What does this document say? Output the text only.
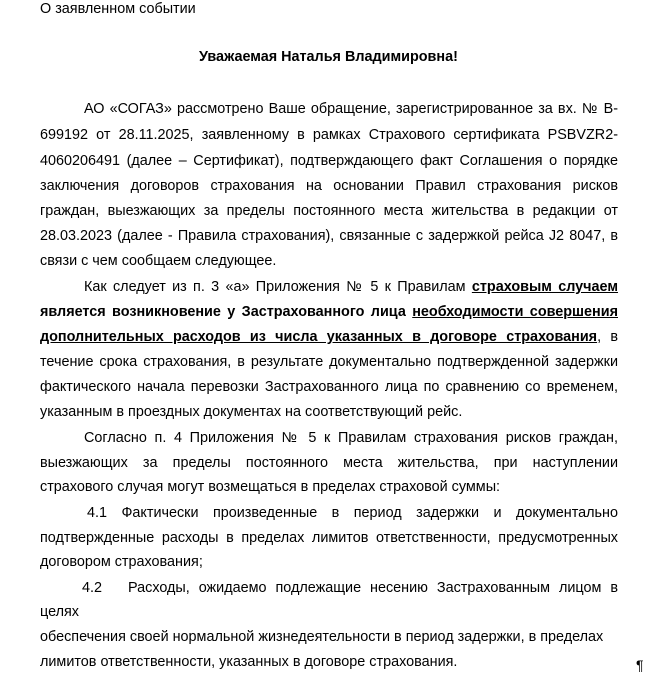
О заявленном событии
Уважаемая Наталья Владимировна!
АО «СОГАЗ» рассмотрено Ваше обращение, зарегистрированное за вх. № В-
699192 от 28.11.2025, заявленному в рамках Страхового сертификата PSBVZR2-
4060206491 (далее – Сертификат), подтверждающего факт Соглашения о порядке
заключения договоров страхования на основании Правил страхования рисков
граждан, выезжающих за пределы постоянного места жительства в редакции от
28.03.2023 (далее - Правила страхования), связанные с задержкой рейса J2 8047, в
связи с чем сообщаем следующее.
Как следует из п. 3 «а» Приложения № 5 к Правилам страховым случаем
является возникновение у Застрахованного лица необходимости совершения
дополнительных расходов из числа указанных в договоре страхования, в
течение срока страхования, в результате документально подтвержденной задержки
фактического начала перевозки Застрахованного лица по сравнению со временем,
указанным в проездных документах на соответствующий рейс.
Согласно п. 4 Приложения № 5 к Правилам страхования рисков граждан,
выезжающих за пределы постоянного места жительства, при наступлении
страхового случая могут возмещаться в пределах страховой суммы:
4.1 Фактически произведенные в период задержки и документально
подтвержденные расходы в пределах лимитов ответственности, предусмотренных
договором страхования;
4.2 Расходы, ожидаемо подлежащие несению Застрахованным лицом в
целях
обеспечения своей нормальной жизнедеятельности в период задержки, в пределах
лимитов ответственности, указанных в договоре страхования.	¶
